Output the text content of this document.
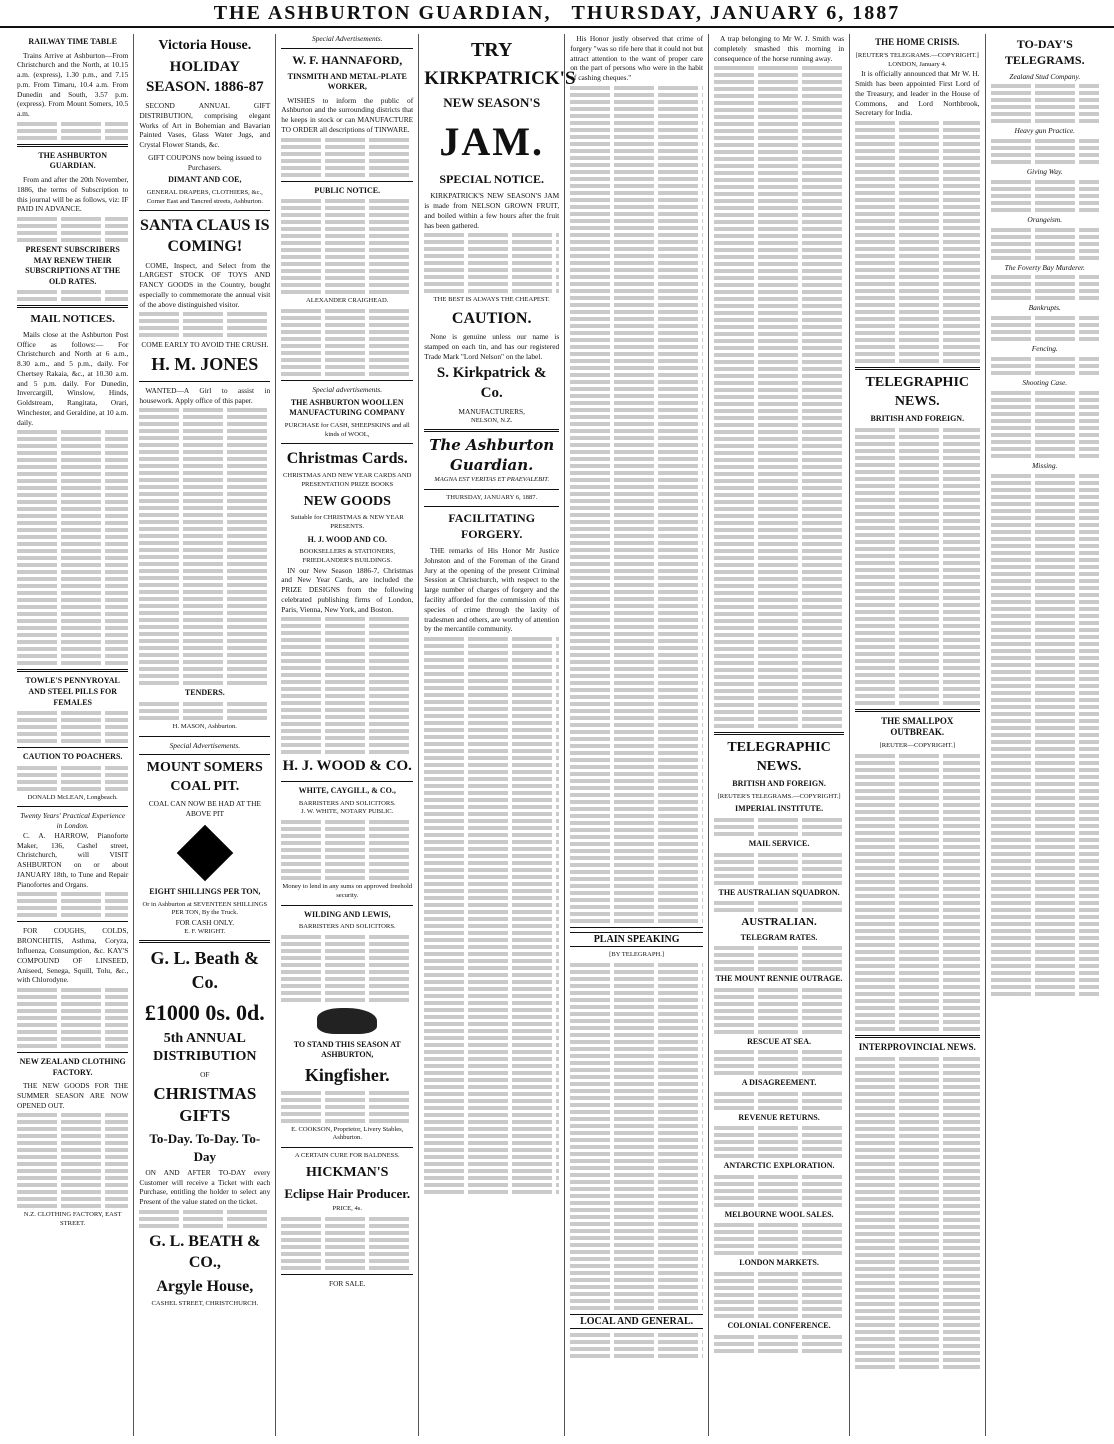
THE ASHBURTON GUARDIAN, THURSDAY, JANUARY 6, 1887
RAILWAY TIME TABLE

Trains Arrive at Ashburton—From Christchurch and the North, at 10.15 a.m. (express), 1.30 p.m., and 7.15 p.m. From Timaru, 10.4 a.m. From Dunedin and South, 3.57 p.m. (express). From Mount Somers, 10.5 a.m.

THE ASHBURTON GUARDIAN.

From and after the 20th November, 1886, the terms of Subscription to this journal will be as follows, viz: IF PAID IN ADVANCE.

PRESENT SUBSCRIBERS MAY RENEW THEIR SUBSCRIPTIONS AT THE OLD RATES.
MAIL NOTICES.

Mails close at the Ashburton Post Office as follows:— For Christchurch and North at 6 a.m., 8.30 a.m., and 5 p.m., daily. For Chertsey Rakaia, &c., at 10.30 a.m. and 5 p.m. daily. For Dunedin, Invercargill, Winslow, Hinds, Goldstream, Rangitata, Orari, Winchester, and Geraldine, at 10 a.m. daily.

TOWLE'S PENNYROYAL AND STEEL PILLS FOR FEMALES
CAUTION TO POACHERS.
DONALD McLEAN, Longbeach.
Twenty Years' Practical Experience in London.

C. A. HARROW, Pianoforte Maker, 136, Cashel street, Christchurch, will VISIT ASHBURTON on or about JANUARY 18th, to Tune and Repair Pianofortes and Organs.

FOR COUGHS, COLDS, BRONCHITIS, Asthma, Coryza, Influenza, Consumption, &c. KAY'S COMPOUND OF LINSEED, Aniseed, Senega, Squill, Tolu, &c., with Chlorodyne.

NEW ZEALAND CLOTHING FACTORY.

THE NEW GOODS FOR THE SUMMER SEASON ARE NOW OPENED OUT.

N.Z. CLOTHING FACTORY, EAST STREET.
Victoria House.
HOLIDAY SEASON. 1886-87

SECOND ANNUAL GIFT DISTRIBUTION, comprising elegant Works of Art in Bohemian and Bavarian Painted Vases, Glass Water Jugs, and Crystal Flower Stands, &c.

GIFT COUPONS now being issued to Purchasers.
DIMANT AND COE,
GENERAL DRAPERS, CLOTHIERS, &c., Corner East and Tancred streets, Ashburton.
SANTA CLAUS IS COMING!

COME, Inspect, and Select from the LARGEST STOCK OF TOYS AND FANCY GOODS in the Country, bought especially to commemorate the annual visit of the above distinguished visitor.

COME EARLY TO AVOID THE CRUSH.
H. M. JONES

WANTED—A Girl to assist in housework. Apply office of this paper.

TENDERS.
H. MASON, Ashburton.
Special Advertisements.
MOUNT SOMERS COAL PIT.
COAL CAN NOW BE HAD AT THE ABOVE PIT
EIGHT SHILLINGS PER TON,
Or in Ashburton at SEVENTEEN SHILLINGS PER TON, By the Truck.
FOR CASH ONLY.
E. F. WRIGHT.
G. L. Beath & Co.
£1000 0s. 0d.
5th ANNUAL DISTRIBUTION
OF
CHRISTMAS GIFTS
To-Day. To-Day. To-Day

ON AND AFTER TO-DAY every Customer will receive a Ticket with each Purchase, entitling the holder to select any Present of the value stated on the ticket.

G. L. BEATH & CO.,
Argyle House,
CASHEL STREET, CHRISTCHURCH.
Special Advertisements.
W. F. HANNAFORD,
TINSMITH AND METAL-PLATE WORKER,

WISHES to inform the public of Ashburton and the surrounding districts that he keeps in stock or can MANUFACTURE TO ORDER all descriptions of TINWARE.

PUBLIC NOTICE.
ALEXANDER CRAIGHEAD.
Special advertisements.
THE ASHBURTON WOOLLEN MANUFACTURING COMPANY
PURCHASE for CASH, SHEEPSKINS and all kinds of WOOL,
Christmas Cards.
CHRISTMAS AND NEW YEAR CARDS AND PRESENTATION PRIZE BOOKS
NEW GOODS
Suitable for CHRISTMAS & NEW YEAR PRESENTS.
H. J. WOOD AND CO.
BOOKSELLERS & STATIONERS, FRIEDLANDER'S BUILDINGS.

IN our New Season 1886-7, Christmas and New Year Cards, are included the PRIZE DESIGNS from the following celebrated publishing firms of London, Paris, Vienna, New York, and Boston.

H. J. WOOD & CO.
WHITE, CAYGILL, & CO.,
BARRISTERS AND SOLICITORS.
J. W. WHITE, NOTARY PUBLIC.
Money to lend in any sums on approved freehold security.
WILDING AND LEWIS,
BARRISTERS AND SOLICITORS.
TO STAND THIS SEASON AT ASHBURTON,
Kingfisher.
E. COOKSON, Proprietor, Livery Stables, Ashburton.
A CERTAIN CURE FOR BALDNESS.
HICKMAN'S
Eclipse Hair Producer.
PRICE, 4s.
FOR SALE.
TRY
KIRKPATRICK'S
NEW SEASON'S
JAM.
SPECIAL NOTICE.

KIRKPATRICK'S NEW SEASON'S JAM is made from NELSON GROWN FRUIT, and boiled within a few hours after the fruit has been gathered.

THE BEST IS ALWAYS THE CHEAPEST.
CAUTION.

None is genuine unless our name is stamped on each tin, and has our registered Trade Mark "Lord Nelson" on the label.

S. Kirkpatrick & Co.
MANUFACTURERS,
NELSON, N.Z.
The Ashburton Guardian.
MAGNA EST VERITAS ET PRAEVALEBIT.
THURSDAY, JANUARY 6, 1887.
FACILITATING FORGERY.

THE remarks of His Honor Mr Justice Johnston and of the Foreman of the Grand Jury at the opening of the present Criminal Session at Christchurch, with respect to the large number of charges of forgery and the facility afforded for the commission of this species of crime through the laxity of tradesmen and others, are worthy of attention by the mercantile community.

His Honor justly observed that crime of forgery "was so rife here that it could not but attract attention to the want of proper care on the part of persons who were in the habit of cashing cheques."

PLAIN SPEAKING
[BY TELEGRAPH.]
LOCAL AND GENERAL.

A trap belonging to Mr W. J. Smith was completely smashed this morning in consequence of the horse running away.

TELEGRAPHIC NEWS.
BRITISH AND FOREIGN.
[REUTER'S TELEGRAMS.—COPYRIGHT.]
IMPERIAL INSTITUTE.
MAIL SERVICE.
THE AUSTRALIAN SQUADRON.
AUSTRALIAN.
TELEGRAM RATES.
THE MOUNT RENNIE OUTRAGE.
RESCUE AT SEA.
A DISAGREEMENT.
REVENUE RETURNS.
ANTARCTIC EXPLORATION.
MELBOURNE WOOL SALES.
LONDON MARKETS.
COLONIAL CONFERENCE.
THE HOME CRISIS.
[REUTER'S TELEGRAMS.—COPYRIGHT.]
LONDON, January 4.

It is officially announced that Mr W. H. Smith has been appointed First Lord of the Treasury, and leader in the House of Commons, and Lord Northbrook, Secretary for India.

TELEGRAPHIC NEWS.
BRITISH AND FOREIGN.
THE SMALLPOX OUTBREAK.
[REUTER—COPYRIGHT.]
INTERPROVINCIAL NEWS.
TO-DAY'S TELEGRAMS.
Zealand Stud Company.
Heavy gun Practice.
Giving Way.
Orangeism.
The Foverty Bay Murderer.
Bankrupts.
Fencing.
Shooting Case.
Missing.
